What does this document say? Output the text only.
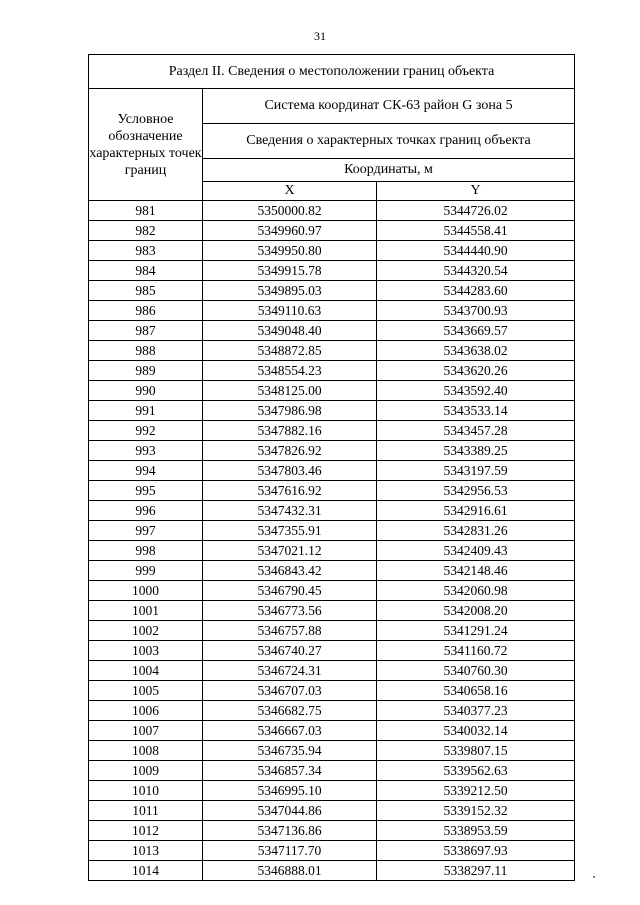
31
Раздел II. Сведения о местоположении границ объекта		
Условное обозначение характерных точек границ	Система координат СК-63 район G зона 5	
	Сведения о характерных точках границ объекта	
	Координаты, м	
	X	Y
981	5350000.82	5344726.02
982	5349960.97	5344558.41
983	5349950.80	5344440.90
984	5349915.78	5344320.54
985	5349895.03	5344283.60
986	5349110.63	5343700.93
987	5349048.40	5343669.57
988	5348872.85	5343638.02
989	5348554.23	5343620.26
990	5348125.00	5343592.40
991	5347986.98	5343533.14
992	5347882.16	5343457.28
993	5347826.92	5343389.25
994	5347803.46	5343197.59
995	5347616.92	5342956.53
996	5347432.31	5342916.61
997	5347355.91	5342831.26
998	5347021.12	5342409.43
999	5346843.42	5342148.46
1000	5346790.45	5342060.98
1001	5346773.56	5342008.20
1002	5346757.88	5341291.24
1003	5346740.27	5341160.72
1004	5346724.31	5340760.30
1005	5346707.03	5340658.16
1006	5346682.75	5340377.23
1007	5346667.03	5340032.14
1008	5346735.94	5339807.15
1009	5346857.34	5339562.63
1010	5346995.10	5339212.50
1011	5347044.86	5339152.32
1012	5347136.86	5338953.59
1013	5347117.70	5338697.93
1014	5346888.01	5338297.11
